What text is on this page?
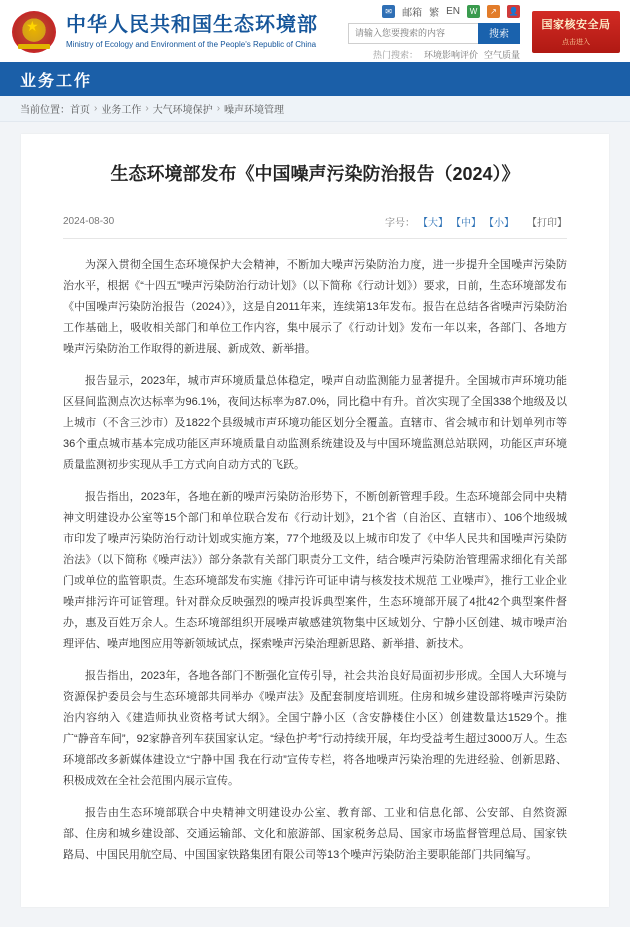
★ 中华人民共和国生态环境部
Ministry of Ecology and Environment of the People's Republic of China
✉	邮箱 繁 EN	W	↗	👤
请输入您要搜索的内容
搜索
热门搜索： 环境影响评价 空气质量
国家核安全局
点击进入
业务工作
当前位置： 首页 › 业务工作 › 大气环境保护 › 噪声环境管理
生态环境部发布《中国噪声污染防治报告（2024）》
2024-08-30	字号： 【大】 【中】 【小】 【打印】

为深入贯彻全国生态环境保护大会精神，不断加大噪声污染防治力度，进一步提升全国噪声污染防治水平，根据《“十四五”噪声污染防治行动计划》（以下简称《行动计划》）要求，日前，生态环境部发布《中国噪声污染防治报告（2024）》，这是自2011年来，连续第13年发布。报告在总结各省噪声污染防治工作基础上，吸收相关部门和单位工作内容，集中展示了《行动计划》发布一年以来，各部门、各地方噪声污染防治工作取得的新进展、新成效、新举措。

报告显示，2023年，城市声环境质量总体稳定，噪声自动监测能力显著提升。全国城市声环境功能区昼间监测点次达标率为96.1%，夜间达标率为87.0%，同比稳中有升。首次实现了全国338个地级及以上城市（不含三沙市）及1822个县级城市声环境功能区划分全覆盖。直辖市、省会城市和计划单列市等36个重点城市基本完成功能区声环境质量自动监测系统建设及与中国环境监测总站联网，功能区声环境质量监测初步实现从手工方式向自动方式的飞跃。

报告指出，2023年，各地在新的噪声污染防治形势下，不断创新管理手段。生态环境部会同中央精神文明建设办公室等15个部门和单位联合发布《行动计划》，21个省（自治区、直辖市）、106个地级城市印发了噪声污染防治行动计划或实施方案，77个地级及以上城市印发了《中华人民共和国噪声污染防治法》（以下简称《噪声法》）部分条款有关部门职责分工文件，结合噪声污染防治管理需求细化有关部门或单位的监管职责。生态环境部发布实施《排污许可证申请与核发技术规范 工业噪声》，推行工业企业噪声排污许可证管理。针对群众反映强烈的噪声投诉典型案件，生态环境部开展了4批42个典型案件督办，惠及百姓万余人。生态环境部组织开展噪声敏感建筑物集中区域划分、宁静小区创建、城市噪声治理评估、噪声地图应用等新领域试点，探索噪声污染治理新思路、新举措、新技术。

报告指出，2023年，各地各部门不断强化宣传引导，社会共治良好局面初步形成。全国人大环境与资源保护委员会与生态环境部共同举办《噪声法》及配套制度培训班。住房和城乡建设部将噪声污染防治内容纳入《建造师执业资格考试大纲》。全国宁静小区（含安静楼住小区）创建数量达1529个。推广“静音车间”，92家静音列车获国家认定。“绿色护考”行动持续开展，年均受益考生超过3000万人。生态环境部改多新媒体建设立“宁静中国 我在行动”宣传专栏，将各地噪声污染治理的先进经验、创新思路、积极成效在全社会范围内展示宣传。

报告由生态环境部联合中央精神文明建设办公室、教育部、工业和信息化部、公安部、自然资源部、住房和城乡建设部、交通运输部、文化和旅游部、国家税务总局、国家市场监督管理总局、国家铁路局、中国民用航空局、中国国家铁路集团有限公司等13个噪声污染防治主要职能部门共同编写。
